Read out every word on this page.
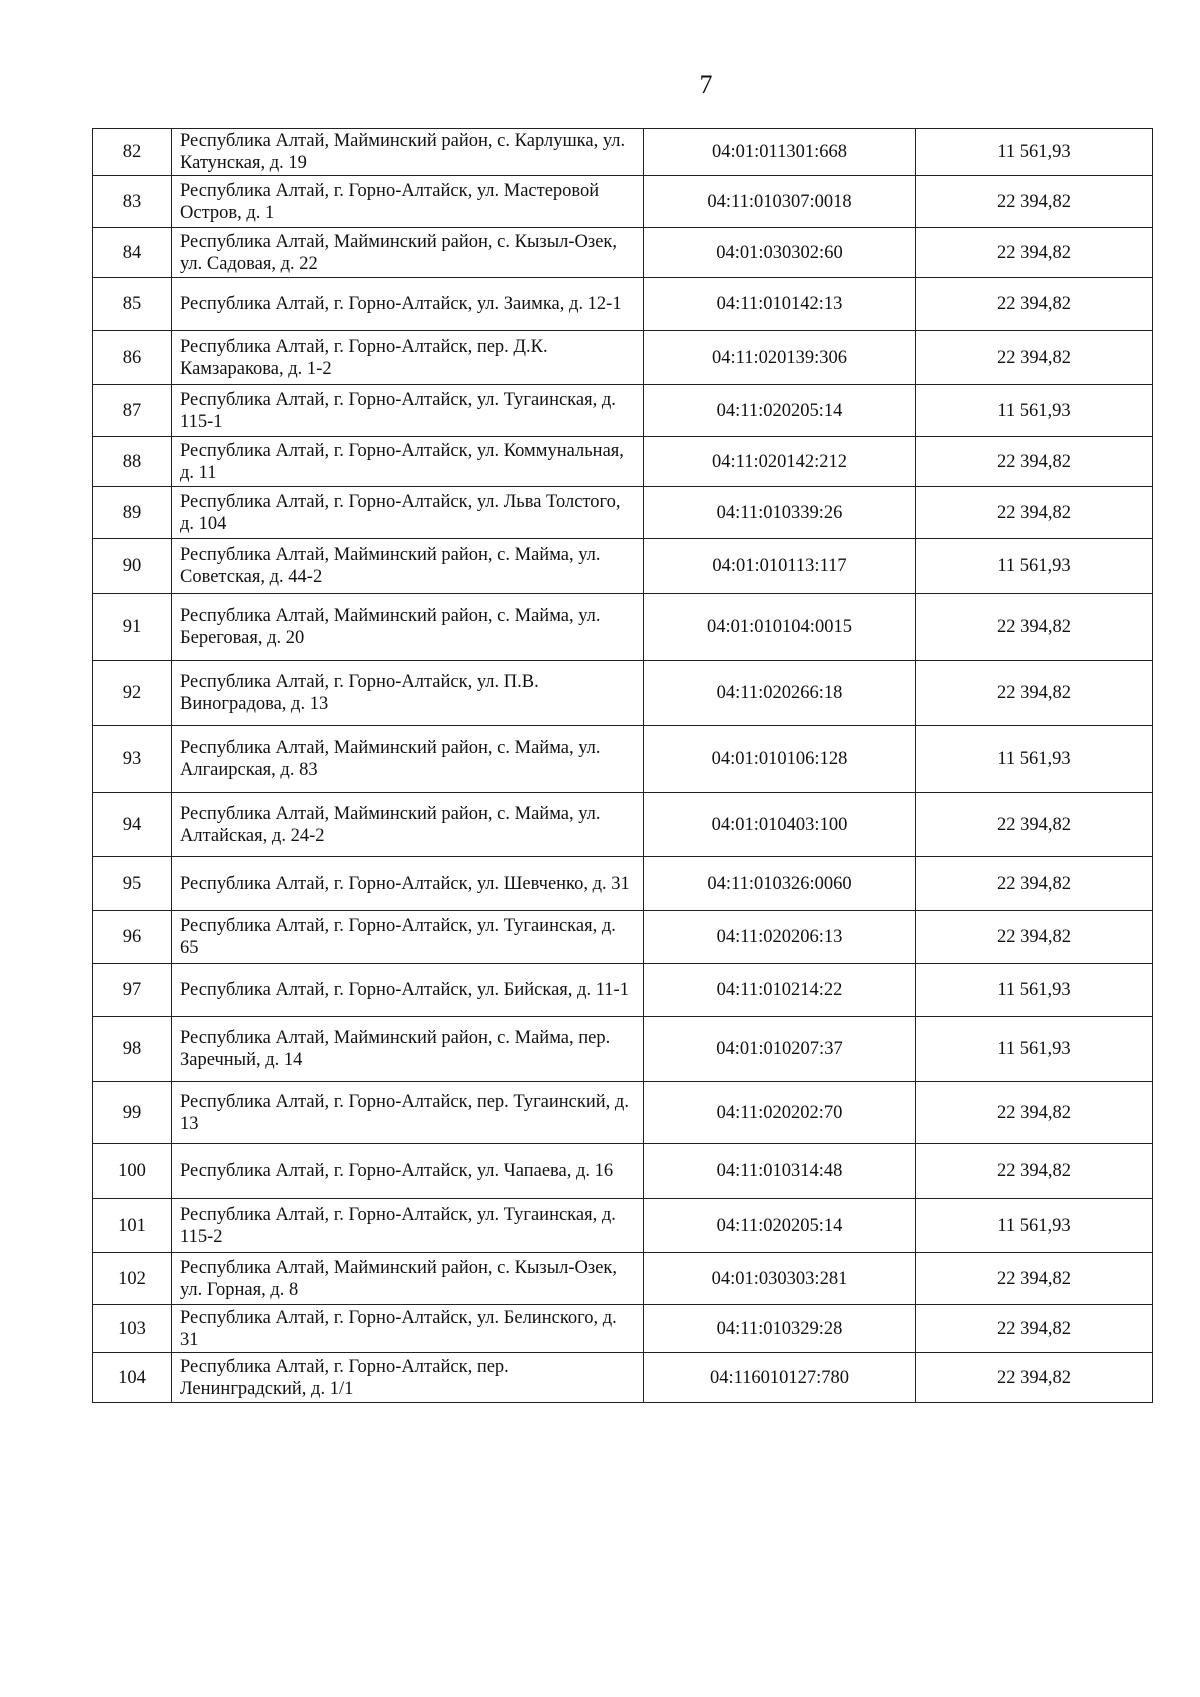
7
82	Республика Алтай, Майминский район, с. Карлушка, ул. Катунская, д. 19	04:01:011301:668	11 561,93
83	Республика Алтай, г. Горно-Алтайск, ул. Мастеровой Остров, д. 1	04:11:010307:0018	22 394,82
84	Республика Алтай, Майминский район, с. Кызыл-Озек, ул. Садовая, д. 22	04:01:030302:60	22 394,82
85	Республика Алтай, г. Горно-Алтайск, ул. Заимка, д. 12-1	04:11:010142:13	22 394,82
86	Республика Алтай, г. Горно-Алтайск, пер. Д.К. Камзаракова, д. 1-2	04:11:020139:306	22 394,82
87	Республика Алтай, г. Горно-Алтайск, ул. Тугаинская, д. 115-1	04:11:020205:14	11 561,93
88	Республика Алтай, г. Горно-Алтайск, ул. Коммунальная, д. 11	04:11:020142:212	22 394,82
89	Республика Алтай, г. Горно-Алтайск, ул. Льва Толстого, д. 104	04:11:010339:26	22 394,82
90	Республика Алтай, Майминский район, с. Майма, ул. Советская, д. 44-2	04:01:010113:117	11 561,93
91	Республика Алтай, Майминский район, с. Майма, ул. Береговая, д. 20	04:01:010104:0015	22 394,82
92	Республика Алтай, г. Горно-Алтайск, ул. П.В. Виноградова, д. 13	04:11:020266:18	22 394,82
93	Республика Алтай, Майминский район, с. Майма, ул. Алгаирская, д. 83	04:01:010106:128	11 561,93
94	Республика Алтай, Майминский район, с. Майма, ул. Алтайская, д. 24-2	04:01:010403:100	22 394,82
95	Республика Алтай, г. Горно-Алтайск, ул. Шевченко, д. 31	04:11:010326:0060	22 394,82
96	Республика Алтай, г. Горно-Алтайск, ул. Тугаинская, д. 65	04:11:020206:13	22 394,82
97	Республика Алтай, г. Горно-Алтайск, ул. Бийская, д. 11-1	04:11:010214:22	11 561,93
98	Республика Алтай, Майминский район, с. Майма, пер. Заречный, д. 14	04:01:010207:37	11 561,93
99	Республика Алтай, г. Горно-Алтайск, пер. Тугаинский, д. 13	04:11:020202:70	22 394,82
100	Республика Алтай, г. Горно-Алтайск, ул. Чапаева, д. 16	04:11:010314:48	22 394,82
101	Республика Алтай, г. Горно-Алтайск, ул. Тугаинская, д. 115-2	04:11:020205:14	11 561,93
102	Республика Алтай, Майминский район, с. Кызыл-Озек, ул. Горная, д. 8	04:01:030303:281	22 394,82
103	Республика Алтай, г. Горно-Алтайск, ул. Белинского, д. 31	04:11:010329:28	22 394,82
104	Республика Алтай, г. Горно-Алтайск, пер. Ленинградский, д. 1/1	04:116010127:780	22 394,82
